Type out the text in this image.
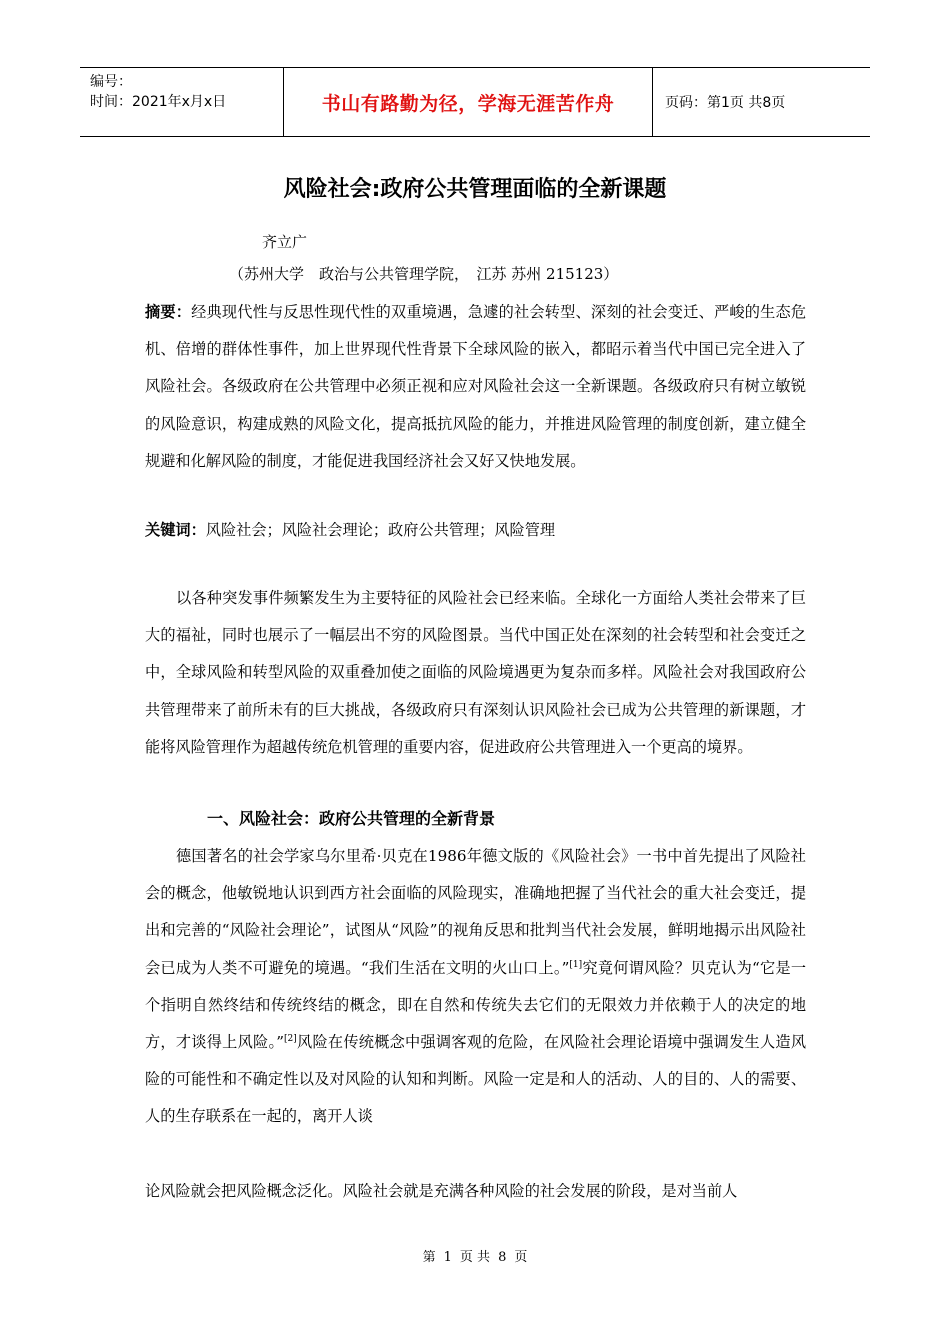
编号：
时间：2021年x月x日	书山有路勤为径，学海无涯苦作舟	页码：第1页 共8页
风险社会:政府公共管理面临的全新课题
齐立广
（苏州大学　政治与公共管理学院，　江苏 苏州 215123）
摘要：经典现代性与反思性现代性的双重境遇，急遽的社会转型、深刻的社会变迁、严峻的生态危机、倍增的群体性事件，加上世界现代性背景下全球风险的嵌入，都昭示着当代中国已完全进入了风险社会。各级政府在公共管理中必须正视和应对风险社会这一全新课题。各级政府只有树立敏锐的风险意识，构建成熟的风险文化，提高抵抗风险的能力，并推进风险管理的制度创新，建立健全规避和化解风险的制度，才能促进我国经济社会又好又快地发展。
关键词：风险社会；风险社会理论；政府公共管理；风险管理
以各种突发事件频繁发生为主要特征的风险社会已经来临。全球化一方面给人类社会带来了巨大的福祉，同时也展示了一幅层出不穷的风险图景。当代中国正处在深刻的社会转型和社会变迁之中，全球风险和转型风险的双重叠加使之面临的风险境遇更为复杂而多样。风险社会对我国政府公共管理带来了前所未有的巨大挑战，各级政府只有深刻认识风险社会已成为公共管理的新课题，才能将风险管理作为超越传统危机管理的重要内容，促进政府公共管理进入一个更高的境界。
一、风险社会：政府公共管理的全新背景
德国著名的社会学家乌尔里希·贝克在1986年德文版的《风险社会》一书中首先提出了风险社会的概念，他敏锐地认识到西方社会面临的风险现实，准确地把握了当代社会的重大社会变迁，提出和完善的“风险社会理论”，试图从“风险”的视角反思和批判当代社会发展，鲜明地揭示出风险社会已成为人类不可避免的境遇。“我们生活在文明的火山口上。”[1]究竟何谓风险？贝克认为“它是一个指明自然终结和传统终结的概念，即在自然和传统失去它们的无限效力并依赖于人的决定的地方，才谈得上风险。”[2]风险在传统概念中强调客观的危险，在风险社会理论语境中强调发生人造风险的可能性和不确定性以及对风险的认知和判断。风险一定是和人的活动、人的目的、人的需要、人的生存联系在一起的，离开人谈
论风险就会把风险概念泛化。风险社会就是充满各种风险的社会发展的阶段，是对当前人
第 1 页 共 8 页
